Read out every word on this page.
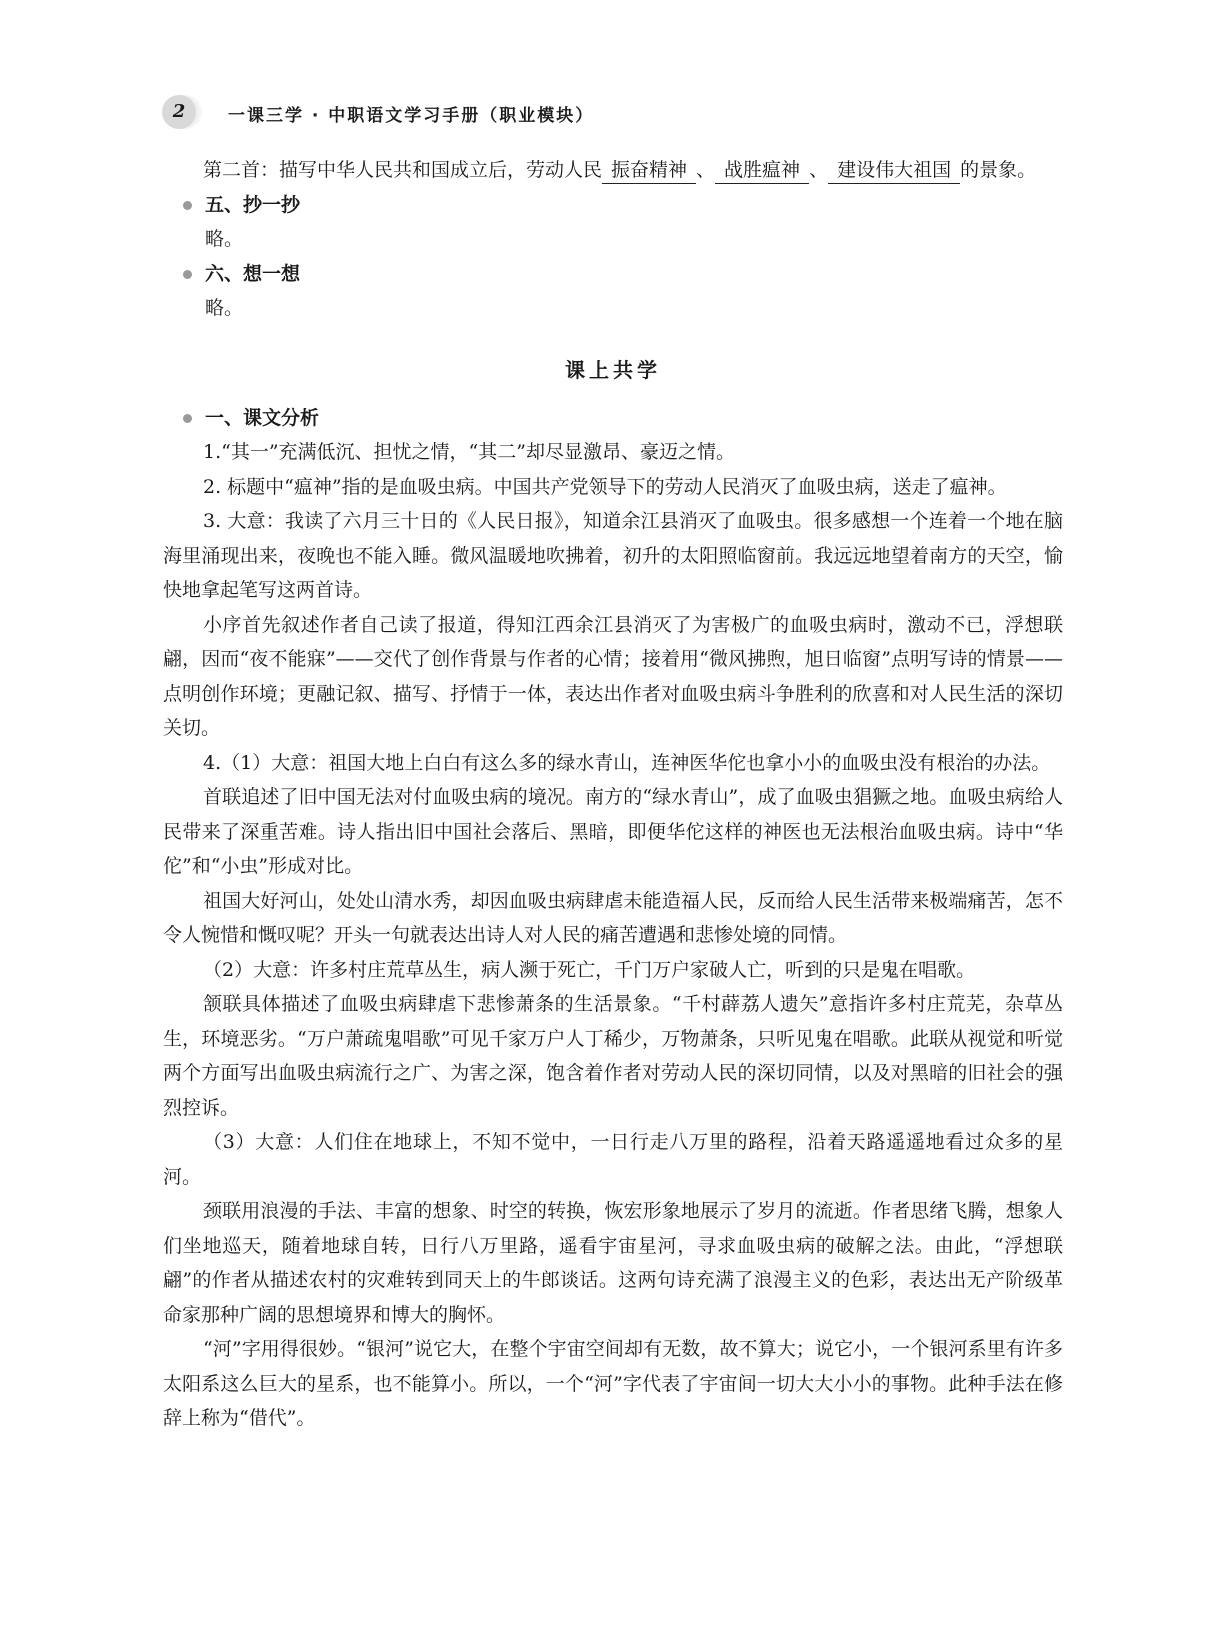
2	一课三学 · 中职语文学习手册（职业模块）

第二首：描写中华人民共和国成立后，劳动人民 振奋精神 、 战胜瘟神 、 建设伟大祖国 的景象。

五、抄一抄

略。

六、想一想

略。

课上共学
一、课文分析

1.“其一”充满低沉、担忧之情，“其二”却尽显激昂、豪迈之情。

2. 标题中“瘟神”指的是血吸虫病。中国共产党领导下的劳动人民消灭了血吸虫病，送走了瘟神。

3. 大意：我读了六月三十日的《人民日报》，知道余江县消灭了血吸虫。很多感想一个连着一个地在脑海里涌现出来，夜晚也不能入睡。微风温暖地吹拂着，初升的太阳照临窗前。我远远地望着南方的天空，愉快地拿起笔写这两首诗。

小序首先叙述作者自己读了报道，得知江西余江县消灭了为害极广的血吸虫病时，激动不已，浮想联翩，因而“夜不能寐”——交代了创作背景与作者的心情；接着用“微风拂煦，旭日临窗”点明写诗的情景——点明创作环境；更融记叙、描写、抒情于一体，表达出作者对血吸虫病斗争胜利的欣喜和对人民生活的深切关切。

4.（1）大意：祖国大地上白白有这么多的绿水青山，连神医华佗也拿小小的血吸虫没有根治的办法。

首联追述了旧中国无法对付血吸虫病的境况。南方的“绿水青山”，成了血吸虫猖獗之地。血吸虫病给人民带来了深重苦难。诗人指出旧中国社会落后、黑暗，即便华佗这样的神医也无法根治血吸虫病。诗中“华佗”和“小虫”形成对比。

祖国大好河山，处处山清水秀，却因血吸虫病肆虐未能造福人民，反而给人民生活带来极端痛苦，怎不令人惋惜和慨叹呢？开头一句就表达出诗人对人民的痛苦遭遇和悲惨处境的同情。

（2）大意：许多村庄荒草丛生，病人濒于死亡，千门万户家破人亡，听到的只是鬼在唱歌。

颔联具体描述了血吸虫病肆虐下悲惨萧条的生活景象。“千村薜荔人遗矢”意指许多村庄荒芜，杂草丛生，环境恶劣。“万户萧疏鬼唱歌”可见千家万户人丁稀少，万物萧条，只听见鬼在唱歌。此联从视觉和听觉两个方面写出血吸虫病流行之广、为害之深，饱含着作者对劳动人民的深切同情，以及对黑暗的旧社会的强烈控诉。

（3）大意：人们住在地球上，不知不觉中，一日行走八万里的路程，沿着天路遥遥地看过众多的星河。

颈联用浪漫的手法、丰富的想象、时空的转换，恢宏形象地展示了岁月的流逝。作者思绪飞腾，想象人们坐地巡天，随着地球自转，日行八万里路，遥看宇宙星河，寻求血吸虫病的破解之法。由此，“浮想联翩”的作者从描述农村的灾难转到同天上的牛郎谈话。这两句诗充满了浪漫主义的色彩，表达出无产阶级革命家那种广阔的思想境界和博大的胸怀。

“河”字用得很妙。“银河”说它大，在整个宇宙空间却有无数，故不算大；说它小，一个银河系里有许多太阳系这么巨大的星系，也不能算小。所以，一个“河”字代表了宇宙间一切大大小小的事物。此种手法在修辞上称为“借代”。
